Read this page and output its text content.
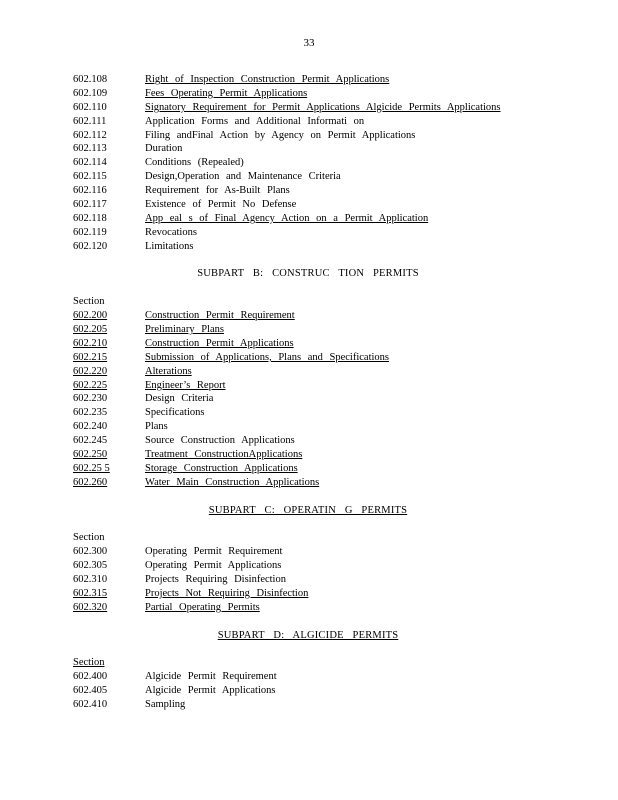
33
602.108	Right of Inspection Construction Permit Applications
602.109	Fees Operating Permit Applications
602.110	Signatory Requirement for Permit Applications Algicide Permits Applications
602.111	Application Forms and Additional Informati on
602.112	Filing andFinal Action by Agency on Permit Applications
602.113	Duration
602.114	Conditions (Repealed)
602.115	Design,Operation and Maintenance Criteria
602.116	Requirement for As-Built Plans
602.117	Existence of Permit No Defense
602.118	App eal s of Final Agency Action on a Permit Application
602.119	Revocations
602.120	Limitations
SUBPART B: CONSTRUC TION PERMITS
Section
602.200	Construction Permit Requirement
602.205	Preliminary Plans
602.210	Construction Permit Applications
602.215	Submission of Applications, Plans and Specifications
602.220	Alterations
602.225	Engineer’s Report
602.230	Design Criteria
602.235	Specifications
602.240	Plans
602.245	Source Construction Applications
602.250	Treatment ConstructionApplications
602.25 5	Storage Construction Applications
602.260	Water Main Construction Applications
SUBPART C: OPERATIN G PERMITS
Section
602.300	Operating Permit Requirement
602.305	Operating Permit Applications
602.310	Projects Requiring Disinfection
602.315	Projects Not Requiring Disinfection
602.320	Partial Operating Permits
SUBPART D: ALGICIDE PERMITS
Section
602.400	Algicide Permit Requirement
602.405	Algicide Permit Applications
602.410	Sampling
